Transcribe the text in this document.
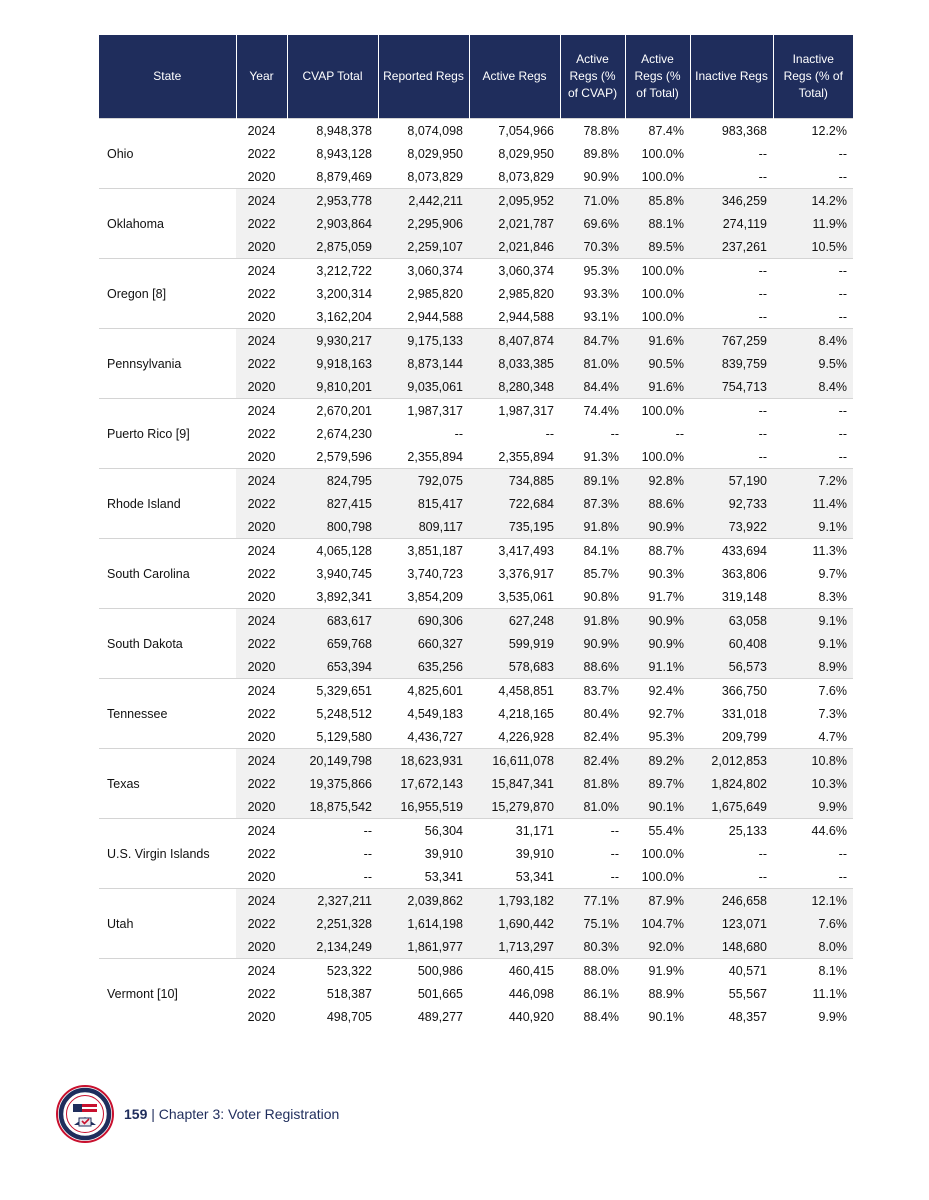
State	Year	CVAP Total	Reported Regs	Active Regs	Active Regs (% of CVAP)	Active Regs (% of Total)	Inactive Regs	Inactive Regs (% of Total)
Ohio	2024	8,948,378	8,074,098	7,054,966	78.8%	87.4%	983,368	12.2%
	2022	8,943,128	8,029,950	8,029,950	89.8%	100.0%	--	--
	2020	8,879,469	8,073,829	8,073,829	90.9%	100.0%	--	--
Oklahoma	2024	2,953,778	2,442,211	2,095,952	71.0%	85.8%	346,259	14.2%
	2022	2,903,864	2,295,906	2,021,787	69.6%	88.1%	274,119	11.9%
	2020	2,875,059	2,259,107	2,021,846	70.3%	89.5%	237,261	10.5%
Oregon [8]	2024	3,212,722	3,060,374	3,060,374	95.3%	100.0%	--	--
	2022	3,200,314	2,985,820	2,985,820	93.3%	100.0%	--	--
	2020	3,162,204	2,944,588	2,944,588	93.1%	100.0%	--	--
Pennsylvania	2024	9,930,217	9,175,133	8,407,874	84.7%	91.6%	767,259	8.4%
	2022	9,918,163	8,873,144	8,033,385	81.0%	90.5%	839,759	9.5%
	2020	9,810,201	9,035,061	8,280,348	84.4%	91.6%	754,713	8.4%
Puerto Rico [9]	2024	2,670,201	1,987,317	1,987,317	74.4%	100.0%	--	--
	2022	2,674,230	--	--	--	--	--	--
	2020	2,579,596	2,355,894	2,355,894	91.3%	100.0%	--	--
Rhode Island	2024	824,795	792,075	734,885	89.1%	92.8%	57,190	7.2%
	2022	827,415	815,417	722,684	87.3%	88.6%	92,733	11.4%
	2020	800,798	809,117	735,195	91.8%	90.9%	73,922	9.1%
South Carolina	2024	4,065,128	3,851,187	3,417,493	84.1%	88.7%	433,694	11.3%
	2022	3,940,745	3,740,723	3,376,917	85.7%	90.3%	363,806	9.7%
	2020	3,892,341	3,854,209	3,535,061	90.8%	91.7%	319,148	8.3%
South Dakota	2024	683,617	690,306	627,248	91.8%	90.9%	63,058	9.1%
	2022	659,768	660,327	599,919	90.9%	90.9%	60,408	9.1%
	2020	653,394	635,256	578,683	88.6%	91.1%	56,573	8.9%
Tennessee	2024	5,329,651	4,825,601	4,458,851	83.7%	92.4%	366,750	7.6%
	2022	5,248,512	4,549,183	4,218,165	80.4%	92.7%	331,018	7.3%
	2020	5,129,580	4,436,727	4,226,928	82.4%	95.3%	209,799	4.7%
Texas	2024	20,149,798	18,623,931	16,611,078	82.4%	89.2%	2,012,853	10.8%
	2022	19,375,866	17,672,143	15,847,341	81.8%	89.7%	1,824,802	10.3%
	2020	18,875,542	16,955,519	15,279,870	81.0%	90.1%	1,675,649	9.9%
U.S. Virgin Islands	2024	--	56,304	31,171	--	55.4%	25,133	44.6%
	2022	--	39,910	39,910	--	100.0%	--	--
	2020	--	53,341	53,341	--	100.0%	--	--
Utah	2024	2,327,211	2,039,862	1,793,182	77.1%	87.9%	246,658	12.1%
	2022	2,251,328	1,614,198	1,690,442	75.1%	104.7%	123,071	7.6%
	2020	2,134,249	1,861,977	1,713,297	80.3%	92.0%	148,680	8.0%
Vermont [10]	2024	523,322	500,986	460,415	88.0%	91.9%	40,571	8.1%
	2022	518,387	501,665	446,098	86.1%	88.9%	55,567	11.1%
	2020	498,705	489,277	440,920	88.4%	90.1%	48,357	9.9%
159 | Chapter 3: Voter Registration
